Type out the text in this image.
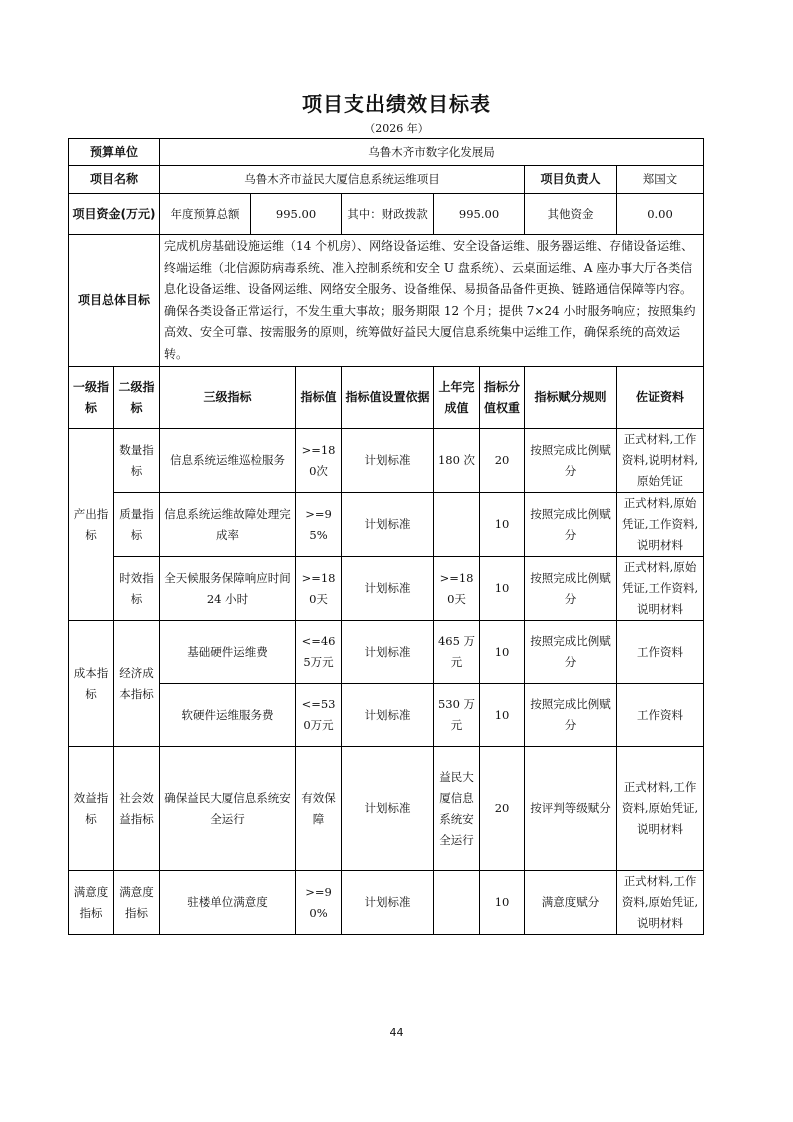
项目支出绩效目标表
（2026 年）
预算单位		乌鲁木齐市数字化发展局							
项目名称		乌鲁木齐市益民大厦信息系统运维项目						项目负责人	郑国文
项目资金(万元)		年度预算总额	995.00		其中：财政拨款	995.00		其他资金	0.00
项目总体目标		完成机房基础设施运维（14 个机房）、网络设备运维、安全设备运维、服务器运维、存储设备运维、终端运维（北信源防病毒系统、准入控制系统和安全 U 盘系统）、云桌面运维、A 座办事大厅各类信息化设备运维、设备网运维、网络安全服务、设备维保、易损备品备件更换、链路通信保障等内容。确保各类设备正常运行，不发生重大事故；服务期限 12 个月；提供 7×24 小时服务响应；按照集约高效、安全可靠、按需服务的原则，统筹做好益民大厦信息系统集中运维工作，确保系统的高效运转。							
一级指标	二级指标	三级指标		指标值	指标值设置依据	上年完成值	指标分值权重	指标赋分规则	佐证资料
产出指标	数量指标	信息系统运维巡检服务		>=180次	计划标准	180 次	20	按照完成比例赋分	正式材料,工作资料,说明材料,原始凭证
	质量指标	信息系统运维故障处理完成率		>=95%	计划标准		10	按照完成比例赋分	正式材料,原始凭证,工作资料,说明材料
	时效指标	全天候服务保障响应时间24 小时		>=180天	计划标准	>=180天	10	按照完成比例赋分	正式材料,原始凭证,工作资料,说明材料
成本指标	经济成本指标	基础硬件运维费		<=465万元	计划标准	465 万元	10	按照完成比例赋分	工作资料
		软硬件运维服务费		<=530万元	计划标准	530 万元	10	按照完成比例赋分	工作资料
效益指标	社会效益指标	确保益民大厦信息系统安全运行		有效保障	计划标准	益民大厦信息系统安全运行	20	按评判等级赋分	正式材料,工作资料,原始凭证,说明材料
满意度指标	满意度指标	驻楼单位满意度		>=90%	计划标准		10	满意度赋分	正式材料,工作资料,原始凭证,说明材料
44
